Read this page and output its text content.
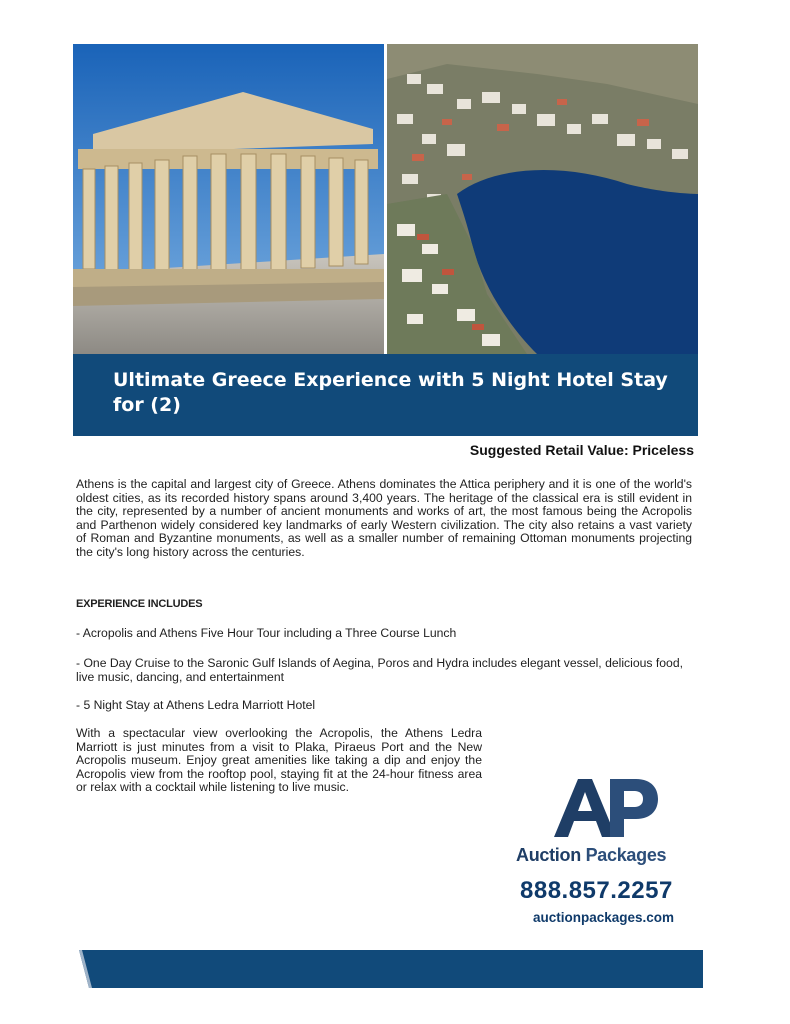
Ultimate Greece Experience with 5 Night Hotel Stay for (2)

Suggested Retail Value: Priceless

Athens is the capital and largest city of Greece. Athens dominates the Attica periphery and it is one of the world's oldest cities, as its recorded history spans around 3,400 years. The heritage of the classical era is still evident in the city, represented by a number of ancient monuments and works of art, the most famous being the Acropolis and Parthenon widely considered key landmarks of early Western civilization. The city also retains a vast variety of Roman and Byzantine monuments, as well as a smaller number of remaining Ottoman monuments projecting the city's long history across the centuries.

EXPERIENCE INCLUDES

- Acropolis and Athens Five Hour Tour including a Three Course Lunch

- One Day Cruise to the Saronic Gulf Islands of Aegina, Poros and Hydra includes elegant vessel, delicious food, live music, dancing, and entertainment

- 5 Night Stay at Athens Ledra Marriott Hotel

With a spectacular view overlooking the Acropolis, the Athens Ledra Marriott is just minutes from a visit to Plaka, Piraeus Port and the New Acropolis museum. Enjoy great amenities like taking a dip and enjoy the Acropolis view from the rooftop pool, staying fit at the 24-hour fitness area or relax with a cocktail while listening to live music.

Auction Packages

888.857.2257

auctionpackages.com
